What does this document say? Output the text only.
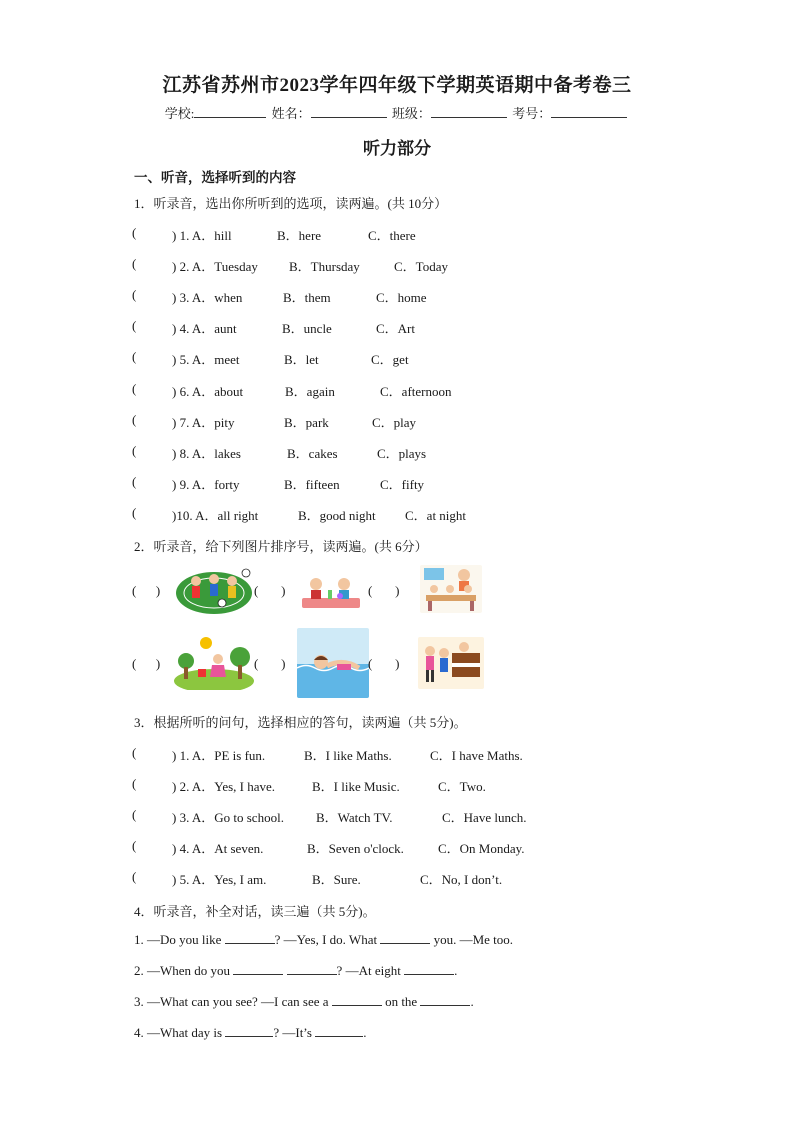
江苏省苏州市2023学年四年级下学期英语期中备考卷三
学校:	姓名：	班级：	考号：
听力部分
一、听音，选择听到的内容
1．听录音，选出你所听到的选项，读两遍。(共 10分）
(	) 1. A．hill	B．here	C．there
(	) 2. A．Tuesday B．Thursday	C．Today
(	) 3. A．when	B．them	C．home
(	) 4. A．aunt	B．uncle	C．Art
(	) 5. A．meet	B．let	C．get
(	) 6. A．about	B．again	C．afternoon
(	) 7. A．pity	B．park	C．play
(	) 8. A．lakes	B．cakes	C．plays
(	) 9. A．forty	B．fifteen	C．fifty
(	)10. A．all right	B．good night C．at night
2．听录音，给下列图片排序号，读两遍。(共 6分）
(      )	(       )	(       )
(      )	(       )	(       )
3．根据所听的问句，选择相应的答句，读两遍（共 5分)。
(	) 1. A．PE is fun.	B．I like Maths.	C．I have Maths.
(	) 2. A．Yes, I have.	B．I like Music.	C．Two.
(	) 3. A．Go to school. B．Watch TV.	C．Have lunch.
(	) 4. A．At seven.	B．Seven o'clock.	C．On Monday.
(	) 5. A．Yes, I am.	B．Sure.	C．No, I don’t.
4．听录音，补全对话，读三遍（共 5分)。
1. —Do you like	? —Yes, I do. What	you. —Me too.
2. —When do you	? —At eight	.
3. —What can you see? —I can see a	on the	.
4. —What day is	? —It’s	.
